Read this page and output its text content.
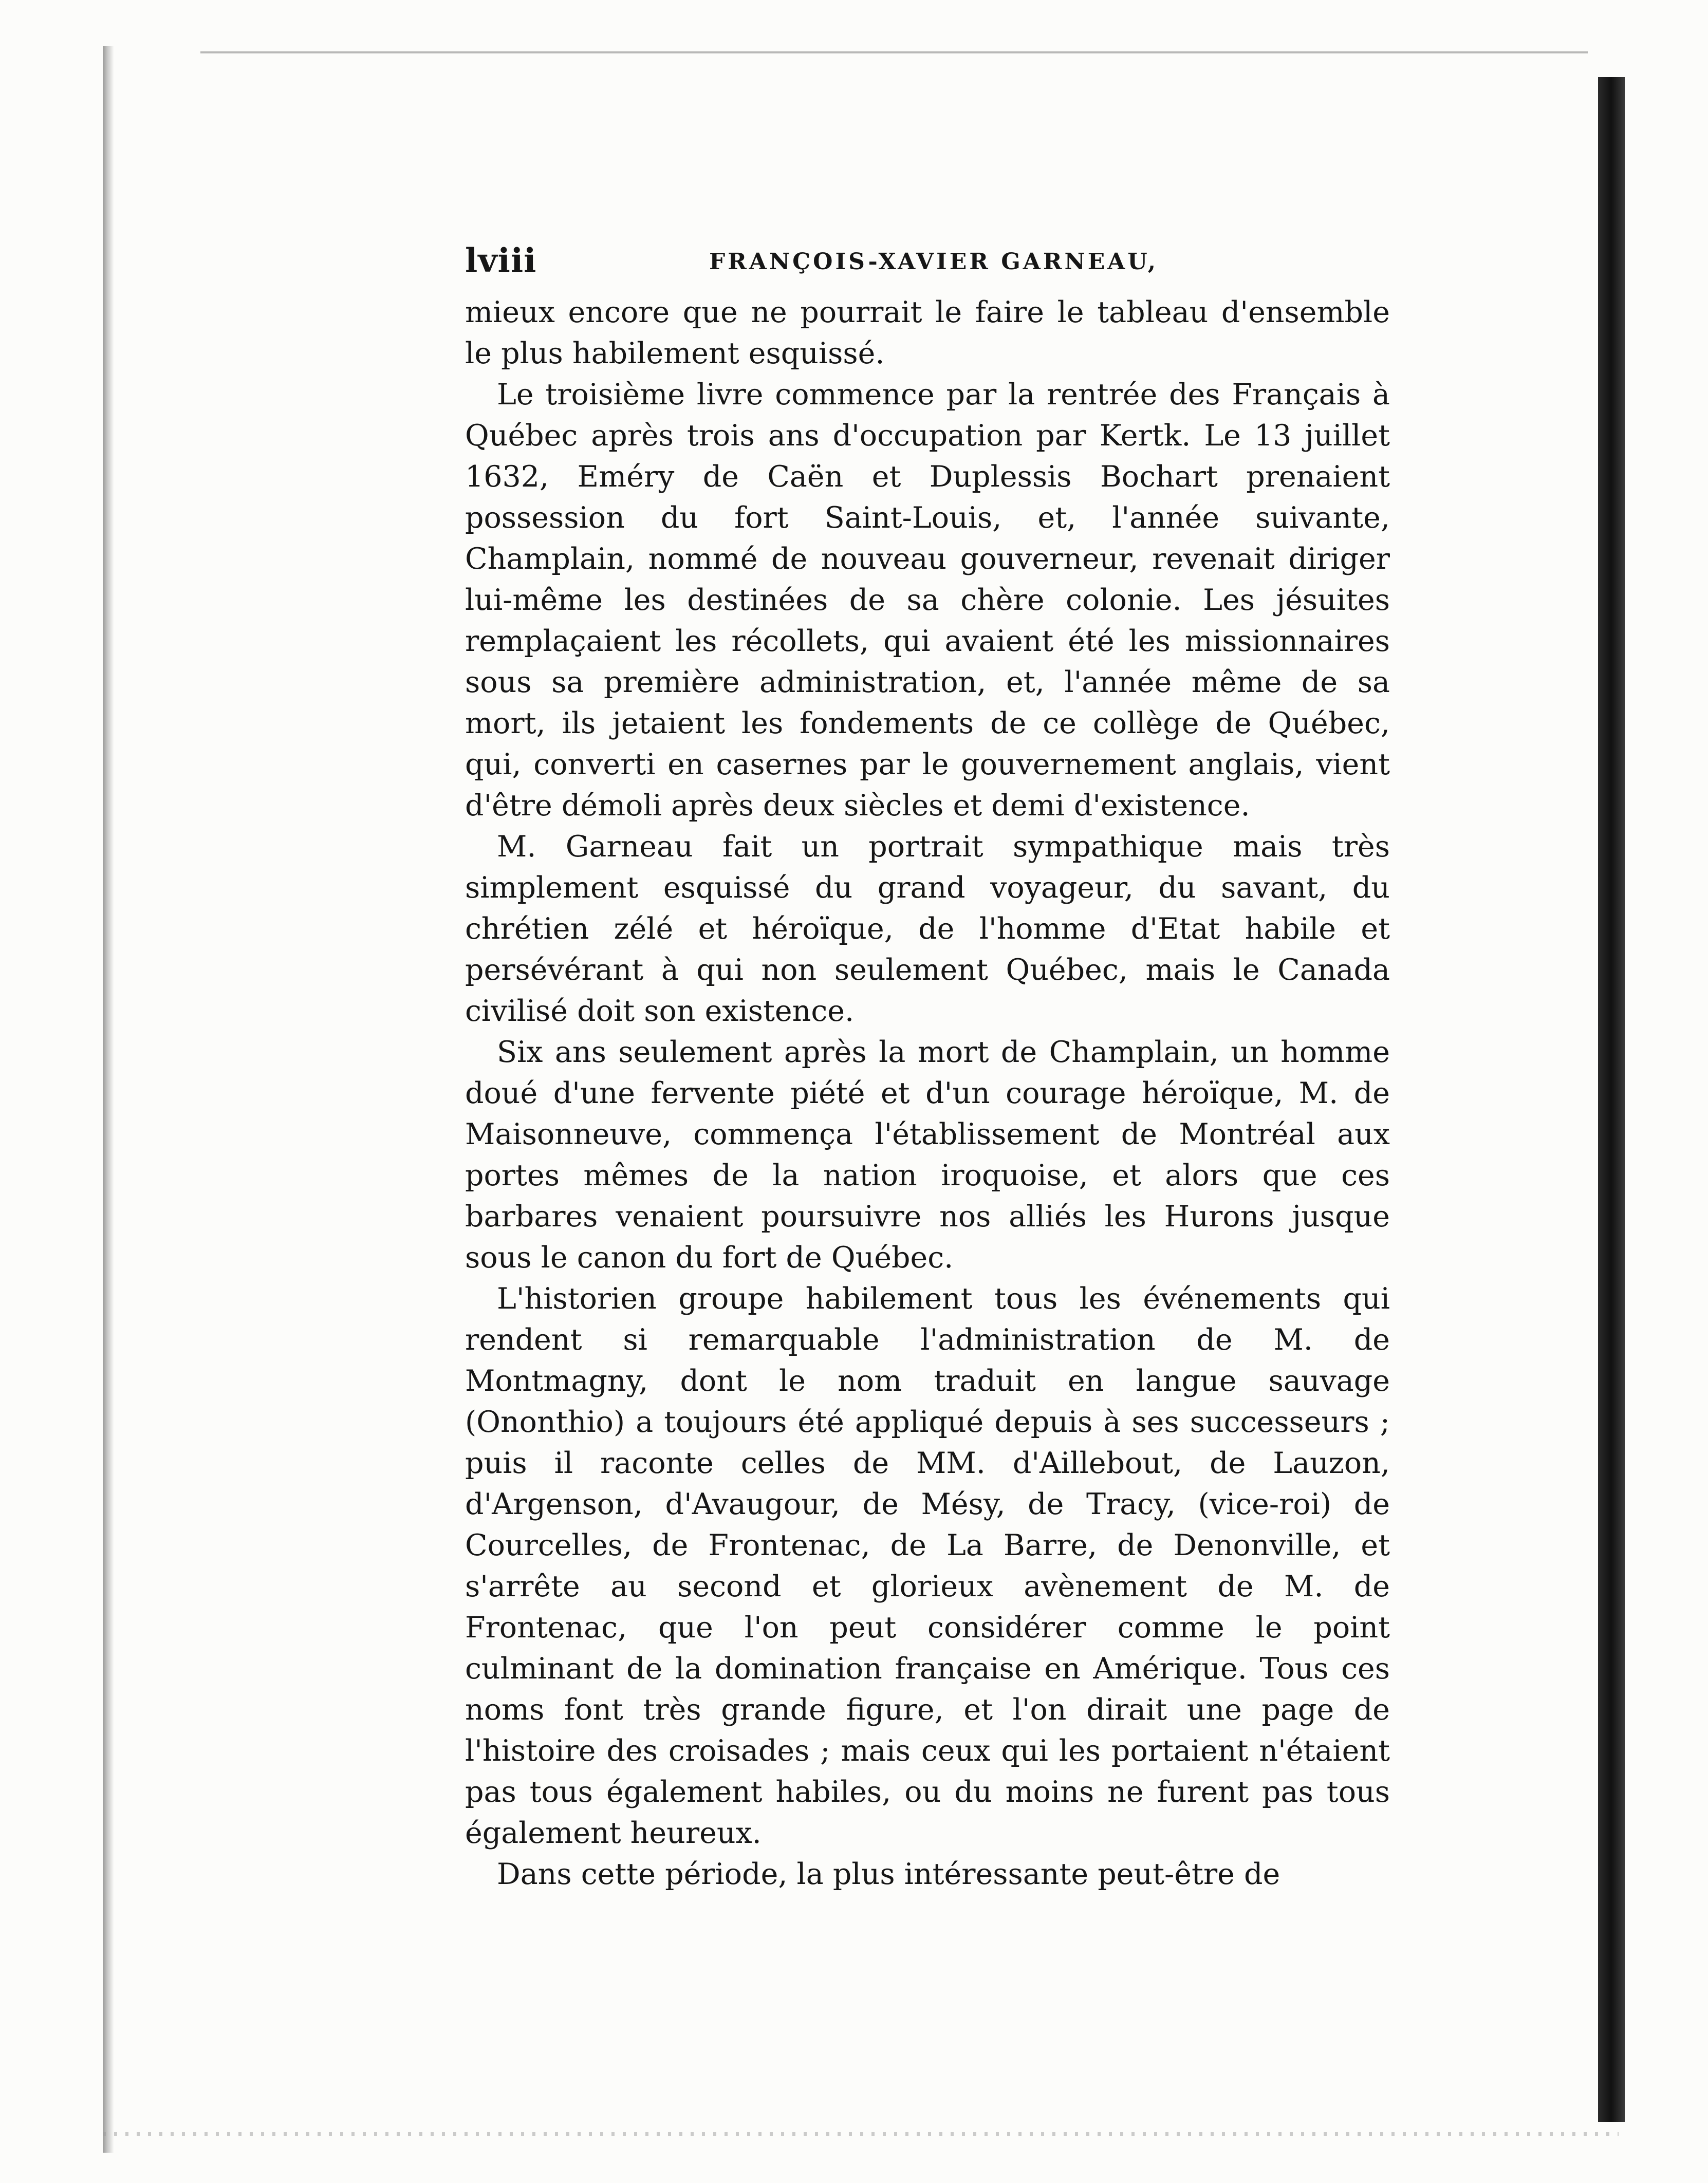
lviii	FRANÇOIS-XAVIER GARNEAU,

mieux encore que ne pourrait le faire le tableau d'ensemble le plus habilement esquissé.

Le troisième livre commence par la rentrée des Français à Québec après trois ans d'occupation par Kertk. Le 13 juillet 1632, Eméry de Caën et Duplessis Bochart prenaient possession du fort Saint-Louis, et, l'année suivante, Champlain, nommé de nouveau gouverneur, revenait diriger lui-même les destinées de sa chère colonie. Les jésuites remplaçaient les récollets, qui avaient été les missionnaires sous sa première administration, et, l'année même de sa mort, ils jetaient les fondements de ce collège de Québec, qui, converti en casernes par le gouvernement anglais, vient d'être démoli après deux siècles et demi d'existence.

M. Garneau fait un portrait sympathique mais très simplement esquissé du grand voyageur, du savant, du chrétien zélé et héroïque, de l'homme d'Etat habile et persévérant à qui non seulement Québec, mais le Canada civilisé doit son existence.

Six ans seulement après la mort de Champlain, un homme doué d'une fervente piété et d'un courage héroïque, M. de Maisonneuve, commença l'établissement de Montréal aux portes mêmes de la nation iroquoise, et alors que ces barbares venaient poursuivre nos alliés les Hurons jusque sous le canon du fort de Québec.

L'historien groupe habilement tous les événements qui rendent si remarquable l'administration de M. de Montmagny, dont le nom traduit en langue sauvage (Ononthio) a toujours été appliqué depuis à ses successeurs ; puis il raconte celles de MM. d'Aillebout, de Lauzon, d'Argenson, d'Avaugour, de Mésy, de Tracy, (vice-roi) de Courcelles, de Frontenac, de La Barre, de Denonville, et s'arrête au second et glorieux avènement de M. de Frontenac, que l'on peut considérer comme le point culminant de la domination française en Amérique. Tous ces noms font très grande figure, et l'on dirait une page de l'histoire des croisades ; mais ceux qui les portaient n'étaient pas tous également habiles, ou du moins ne furent pas tous également heureux.

Dans cette période, la plus intéressante peut-être de
